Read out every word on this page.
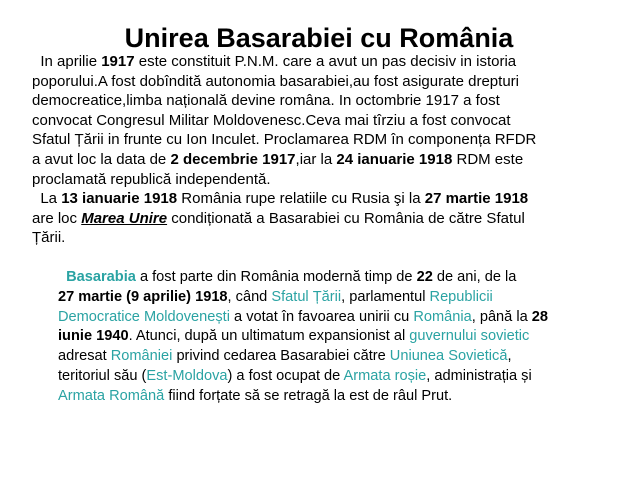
Unirea Basarabiei cu România
In aprilie 1917 este constituit P.N.M. care a avut un pas decisiv in istoria
poporului.A fost dobîndită autonomia basarabiei,au fost asigurate drepturi
democreatice,limba națională devine româna. In octombrie 1917 a fost
convocat Congresul Militar Moldovenesc.Ceva mai tîrziu a fost convocat
Sfatul Țării in frunte cu Ion Inculet. Proclamarea RDM în componența RFDR
a avut loc la data de 2 decembrie 1917,iar la 24 ianuarie 1918 RDM este
proclamată republică independentă.
La 13 ianuarie 1918 România rupe relatiile cu Rusia şi la 27 martie 1918
are loc Marea Unire condiționată a Basarabiei cu România de către Sfatul
Țării.
Basarabia a fost parte din România modernă timp de 22 de ani, de la
27 martie (9 aprilie) 1918, când Sfatul Țării, parlamentul Republicii
Democratice Moldovenești a votat în favoarea unirii cu România, până la 28
iunie 1940. Atunci, după un ultimatum expansionist al guvernului sovietic
adresat României privind cedarea Basarabiei către Uniunea Sovietică,
teritoriul său (Est-Moldova) a fost ocupat de Armata roșie, administrația și
Armata Română fiind forțate să se retragă la est de râul Prut.
